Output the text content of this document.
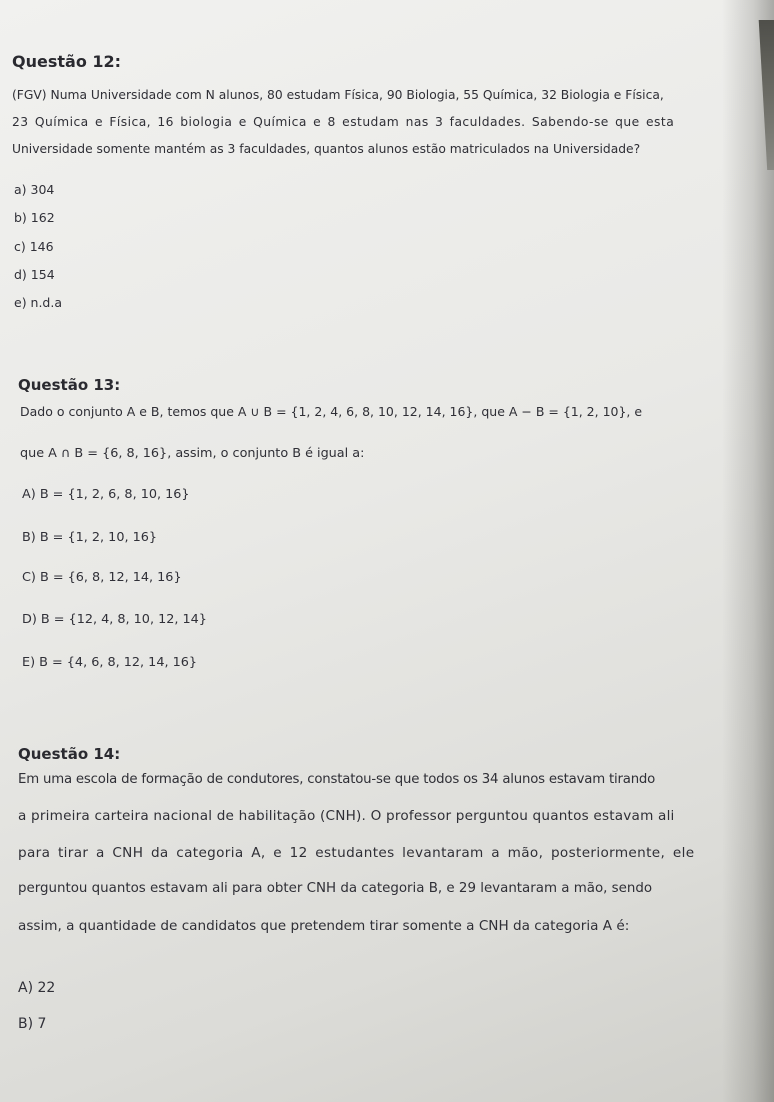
Questão 12:
(FGV) Numa Universidade com N alunos, 80 estudam Física, 90 Biologia, 55 Química, 32 Biologia e Física,
23 Química e Física, 16 biologia e Química e 8 estudam nas 3 faculdades. Sabendo-se que esta
Universidade somente mantém as 3 faculdades, quantos alunos estão matriculados na Universidade?
a) 304
b) 162
c) 146
d) 154
e) n.d.a
Questão 13:
Dado o conjunto A e B, temos que A ∪ B = {1, 2, 4, 6, 8, 10, 12, 14, 16}, que A − B = {1, 2, 10}, e
que A ∩ B = {6, 8, 16}, assim, o conjunto B é igual a:
A) B = {1, 2, 6, 8, 10, 16}
B) B = {1, 2, 10, 16}
C) B = {6, 8, 12, 14, 16}
D) B = {12, 4, 8, 10, 12, 14}
E) B = {4, 6, 8, 12, 14, 16}
Questão 14:
Em uma escola de formação de condutores, constatou-se que todos os 34 alunos estavam tirando
a primeira carteira nacional de habilitação (CNH). O professor perguntou quantos estavam ali
para tirar a CNH da categoria A, e 12 estudantes levantaram a mão, posteriormente, ele
perguntou quantos estavam ali para obter CNH da categoria B, e 29 levantaram a mão, sendo
assim, a quantidade de candidatos que pretendem tirar somente a CNH da categoria A é:
A) 22
B) 7
